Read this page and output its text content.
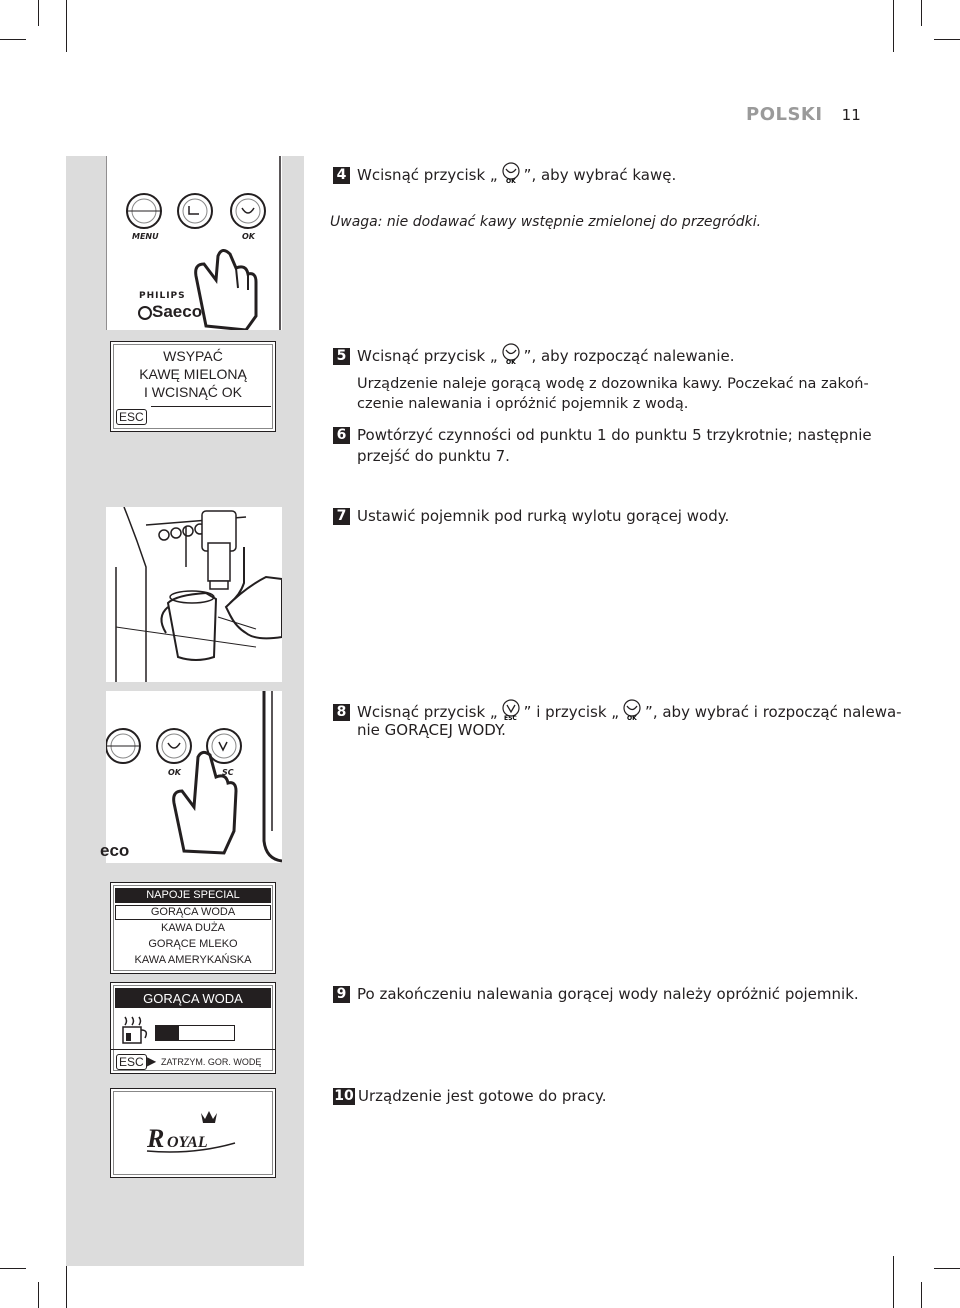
POLSKI 11
MENU	OK
PHILIPS
Saeco
WSYPAĆ
KAWĘ MIELONĄ
I WCISNĄĆ OK
ESC
OK	SC
eco
NAPOJE SPECIAL
GORĄCA WODA
KAWA DUŻA
GORĄCE MLEKO
KAWA AMERYKAŃSKA
GORĄCA WODA
ESC ▶ ZATRZYM. GOR. WODĘ
R OYAL
4 Wcisnąć przycisk „ OK ”, aby wybrać kawę.
Uwaga: nie dodawać kawy wstępnie zmielonej do przegródki.
5 Wcisnąć przycisk „ OK ”, aby rozpocząć nalewanie.
Urządzenie naleje gorącą wodę z dozownika kawy. Poczekać na zakoń-
czenie nalewania i opróżnić pojemnik z wodą.
6 Powtórzyć czynności od punktu 1 do punktu 5 trzykrotnie; następnie
przejść do punktu 7.
7 Ustawić pojemnik pod rurką wylotu gorącej wody.
8 Wcisnąć przycisk „ ESC ” i przycisk „ OK ”, aby wybrać i rozpocząć nalewa-
nie GORĄCEJ WODY.
9 Po zakończeniu nalewania gorącej wody należy opróżnić pojemnik.
10 Urządzenie jest gotowe do pracy.
